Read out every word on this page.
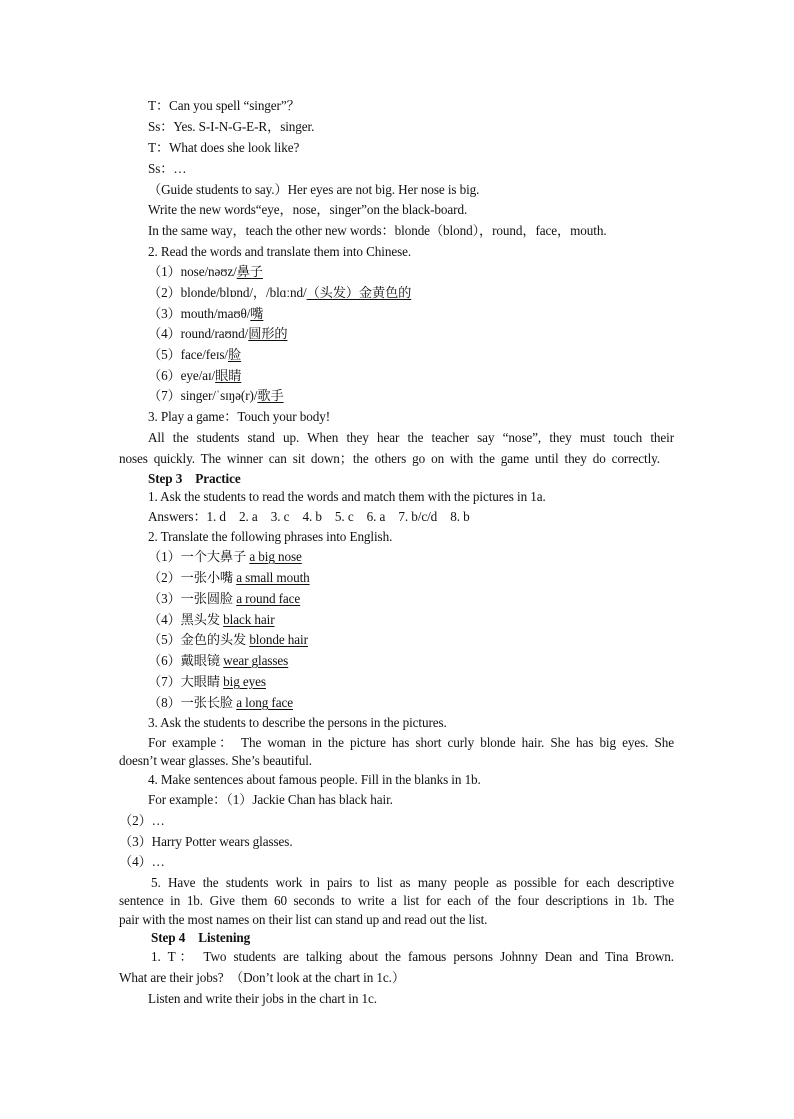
T：Can you spell “singer”？
Ss：Yes. S-I-N-G-E-R，singer.
T：What does she look like?
Ss：…
（Guide students to say.）Her eyes are not big. Her nose is big.
Write the new words“eye，nose，singer”on the black-board.
In the same way，teach the other new words：blonde（blond），round，face，mouth.
2. Read the words and translate them into Chinese.
（1）nose/nəʊz/鼻子
（2）blonde/blɒnd/，/blɑːnd/（头发）金黄色的
（3）mouth/maʊθ/嘴
（4）round/raʊnd/圆形的
（5）face/feɪs/脸
（6）eye/aɪ/眼睛
（7）singer/ˈsɪŋə(r)/歌手
3. Play a game：Touch your body!
All the students stand up. When they hear the teacher say “nose”, they must touch their
noses quickly. The winner can sit down；the others go on with the game until they do correctly.
Step 3　Practice
1. Ask the students to read the words and match them with the pictures in 1a.
Answers：1. d　2. a　3. c　4. b　5. c　6. a　7. b/c/d　8. b
2. Translate the following phrases into English.
（1）一个大鼻子 a big nose
（2）一张小嘴 a small mouth
（3）一张圆脸 a round face
（4）黑头发 black hair
（5）金色的头发 blonde hair
（6）戴眼镜 wear glasses
（7）大眼睛 big eyes
（8）一张长脸 a long face
3. Ask the students to describe the persons in the pictures.
For example： The woman in the picture has short curly blonde hair. She has big eyes. She
doesn’t wear glasses. She’s beautiful.
4. Make sentences about famous people. Fill in the blanks in 1b.
For example：（1）Jackie Chan has black hair.
（2）…
（3）Harry Potter wears glasses.
（4）…
5. Have the students work in pairs to list as many people as possible for each descriptive
sentence in 1b. Give them 60 seconds to write a list for each of the four descriptions in 1b. The
pair with the most names on their list can stand up and read out the list.
Step 4　Listening
1. T： Two students are talking about the famous persons Johnny Dean and Tina Brown.
What are their jobs?　（Don’t look at the chart in 1c.）
Listen and write their jobs in the chart in 1c.
